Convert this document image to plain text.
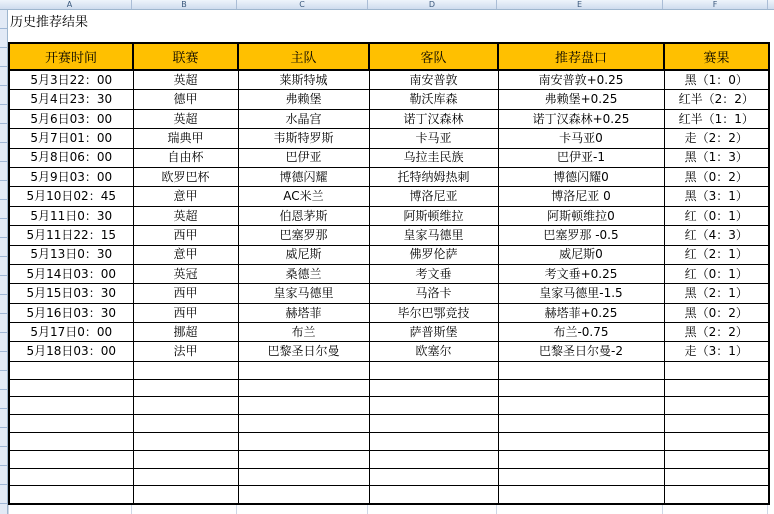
A	B	C	D	E	F
历史推荐结果
开赛时间	联赛	主队	客队	推荐盘口	赛果
5月3日22：00	英超	莱斯特城	南安普敦	南安普敦+0.25	黑（1：0）
5月4日23：30	德甲	弗赖堡	勒沃库森	弗赖堡+0.25	红半（2：2）
5月6日03：00	英超	水晶宫	诺丁汉森林	诺丁汉森林+0.25	红半（1：1）
5月7日01：00	瑞典甲	韦斯特罗斯	卡马亚	卡马亚0	走（2：2）
5月8日06：00	自由杯	巴伊亚	乌拉圭民族	巴伊亚-1	黑（1：3）
5月9日03：00	欧罗巴杯	博德闪耀	托特纳姆热刺	博德闪耀0	黑（0：2）
5月10日02：45	意甲	AC米兰	博洛尼亚	博洛尼亚 0	黑（3：1）
5月11日0：30	英超	伯恩茅斯	阿斯顿维拉	阿斯顿维拉0	红（0：1）
5月11日22：15	西甲	巴塞罗那	皇家马德里	巴塞罗那 -0.5	红（4：3）
5月13日0：30	意甲	威尼斯	佛罗伦萨	威尼斯0	红（2：1）
5月14日03：00	英冠	桑德兰	考文垂	考文垂+0.25	红（0：1）
5月15日03：30	西甲	皇家马德里	马洛卡	皇家马德里-1.5	黑（2：1）
5月16日03：30	西甲	赫塔菲	毕尔巴鄂竞技	赫塔菲+0.25	黑（0：2）
5月17日0：00	挪超	布兰	萨普斯堡	布兰-0.75	黑（2：2）
5月18日03：00	法甲	巴黎圣日尔曼	欧塞尔	巴黎圣日尔曼-2	走（3：1）
